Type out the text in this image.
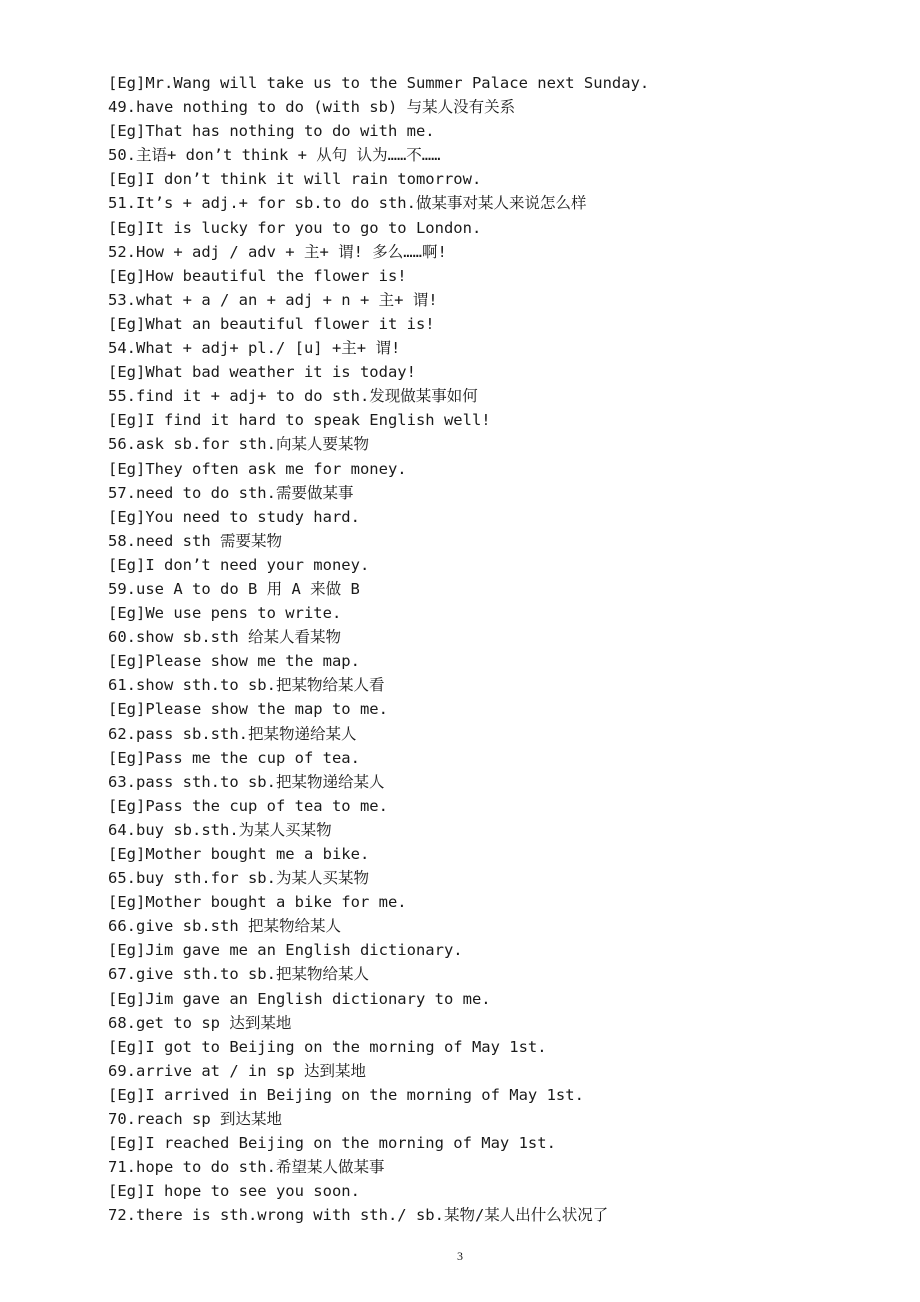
[Eg]Mr.Wang will take us to the Summer Palace next Sunday.
49.have nothing to do (with sb) 与某人没有关系
[Eg]That has nothing to do with me.
50.主语+ don’t think + 从句 认为……不……
[Eg]I don’t think it will rain tomorrow.
51.It’s + adj.+ for sb.to do sth.做某事对某人来说怎么样
[Eg]It is lucky for you to go to London.
52.How + adj / adv + 主+ 谓! 多么……啊!
[Eg]How beautiful the flower is!
53.what + a / an + adj + n + 主+ 谓!
[Eg]What an beautiful flower it is!
54.What + adj+ pl./ [u] +主+ 谓!
[Eg]What bad weather it is today!
55.find it + adj+ to do sth.发现做某事如何
[Eg]I find it hard to speak English well!
56.ask sb.for sth.向某人要某物
[Eg]They often ask me for money.
57.need to do sth.需要做某事
[Eg]You need to study hard.
58.need sth 需要某物
[Eg]I don’t need your money.
59.use A to do B 用 A 来做 B
[Eg]We use pens to write.
60.show sb.sth 给某人看某物
[Eg]Please show me the map.
61.show sth.to sb.把某物给某人看
[Eg]Please show the map to me.
62.pass sb.sth.把某物递给某人
[Eg]Pass me the cup of tea.
63.pass sth.to sb.把某物递给某人
[Eg]Pass the cup of tea to me.
64.buy sb.sth.为某人买某物
[Eg]Mother bought me a bike.
65.buy sth.for sb.为某人买某物
[Eg]Mother bought a bike for me.
66.give sb.sth 把某物给某人
[Eg]Jim gave me an English dictionary.
67.give sth.to sb.把某物给某人
[Eg]Jim gave an English dictionary to me.
68.get to sp 达到某地
[Eg]I got to Beijing on the morning of May 1st.
69.arrive at / in sp 达到某地
[Eg]I arrived in Beijing on the morning of May 1st.
70.reach sp 到达某地
[Eg]I reached Beijing on the morning of May 1st.
71.hope to do sth.希望某人做某事
[Eg]I hope to see you soon.
72.there is sth.wrong with sth./ sb.某物/某人出什么状况了
3
